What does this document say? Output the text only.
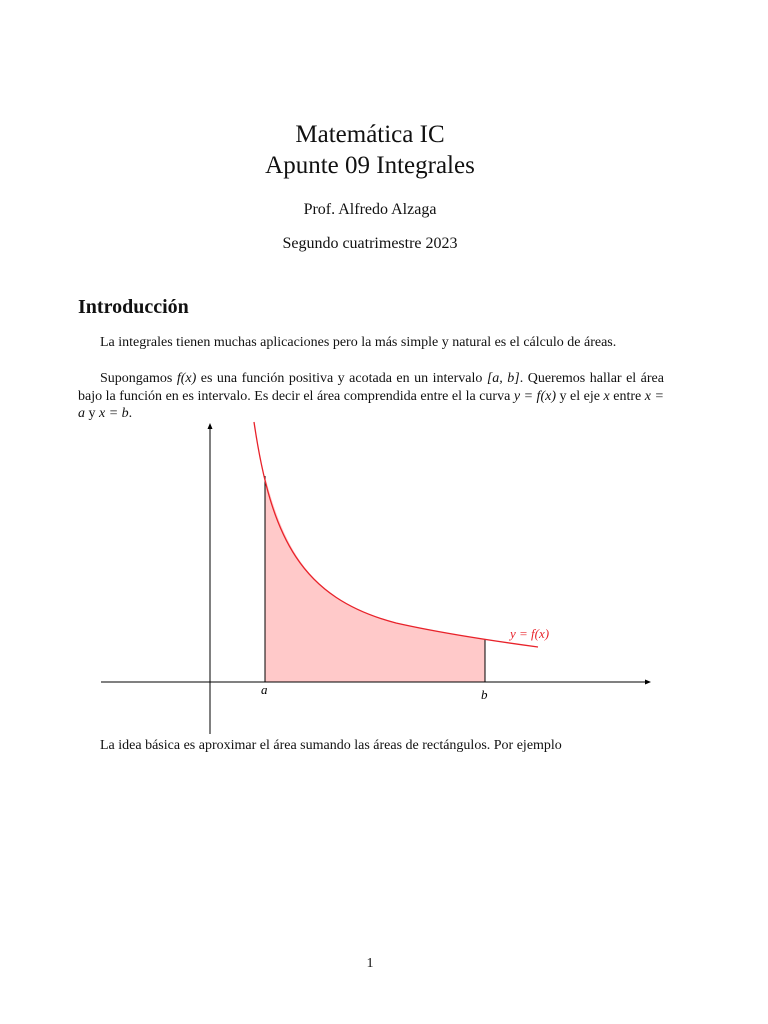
Matemática IC
Apunte 09 Integrales
Prof. Alfredo Alzaga
Segundo cuatrimestre 2023
Introducción
La integrales tienen muchas aplicaciones pero la más simple y natural es el cálculo de áreas.
Supongamos f(x) es una función positiva y acotada en un intervalo [a, b]. Queremos hallar el área bajo la función en es intervalo. Es decir el área comprendida entre el la curva y = f(x) y el eje x entre x = a y x = b.
y = f(x)
a	b
La idea básica es aproximar el área sumando las áreas de rectángulos. Por ejemplo
1
